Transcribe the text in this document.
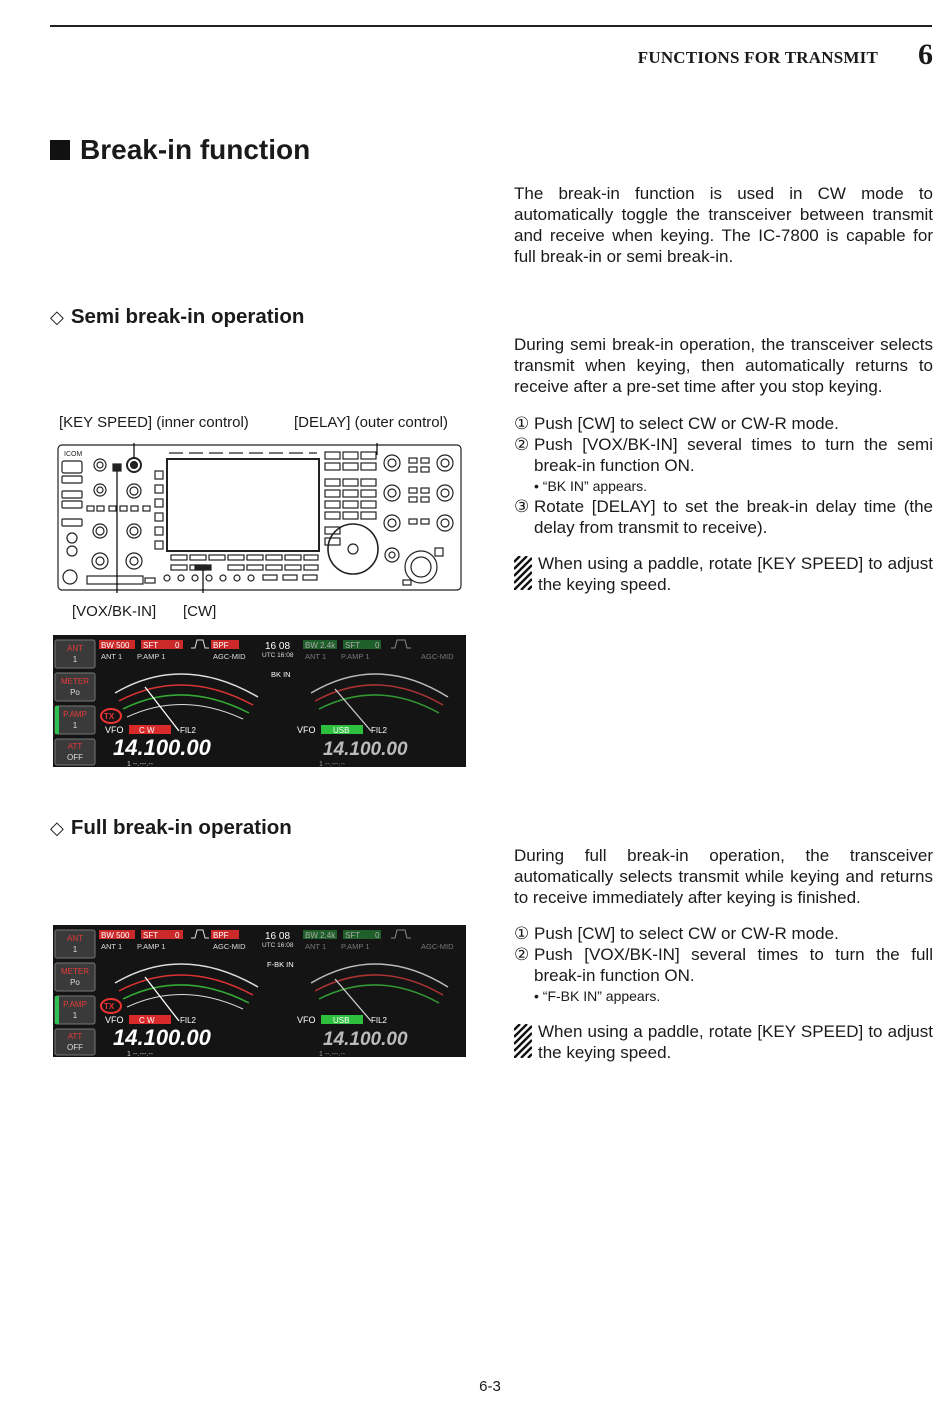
FUNCTIONS FOR TRANSMIT 6
Break-in function
The break-in function is used in CW mode to automatically toggle the transceiver between transmit and receive when keying. The IC-7800 is capable for full break-in or semi break-in.
◇ Semi break-in operation
During semi break-in operation, the transceiver selects transmit when keying, then automatically returns to receive after a pre-set time after you stop keying.
① Push [CW] to select CW or CW-R mode.
② Push [VOX/BK-IN] several times to turn the semi break-in function ON.
• “BK IN” appears.
③ Rotate [DELAY] to set the break-in delay time (the delay from transmit to receive).
When using a paddle, rotate [KEY SPEED] to adjust the keying speed.
[KEY SPEED] (inner control)	[DELAY] (outer control)
[VOX/BK-IN] [CW]
ICOM
ANT
1
METER
Po
P.AMP
1
ATT
OFF
BW 500 SFT 0	BPF
ANT 1 P.AMP 1	AGC-MID
16 08
UTC 16:08
BK IN
BW 2.4k SFT 0
ANT 1 P.AMP 1	AGC-MID
TX
VFO C W	FIL2
14.100.00
1 --.---.--
VFO USB	FIL2
14.100.00
1 --.---.--
◇ Full break-in operation
During full break-in operation, the transceiver automatically selects transmit while keying and returns to receive immediately after keying is finished.
① Push [CW] to select CW or CW-R mode.
② Push [VOX/BK-IN] several times to turn the full break-in function ON.
• “F-BK IN” appears.
When using a paddle, rotate [KEY SPEED] to adjust the keying speed.
ANT
1
METER
Po
P.AMP
1
ATT
OFF
BW 500 SFT 0	BPF
ANT 1 P.AMP 1	AGC-MID
16 08
UTC 16:08
F-BK IN
BW 2.4k SFT 0
ANT 1 P.AMP 1	AGC-MID
TX
VFO C W	FIL2
14.100.00
1 --.---.--
VFO USB	FIL2
14.100.00
1 --.---.--
6-3
